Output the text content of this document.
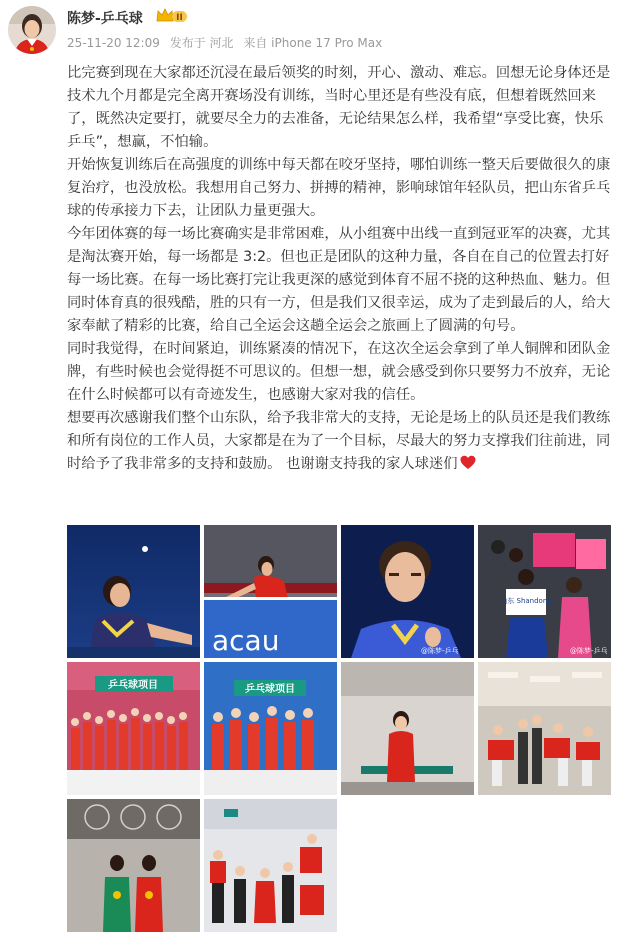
陈梦-乒乓球	II
25-11-20 12:09 发布于 河北 来自 iPhone 17 Pro Max

比完赛到现在大家都还沉浸在最后领奖的时刻，开心、激动、难忘。回想无论身体还是技术九个月都是完全离开赛场没有训练，当时心里还是有些没有底，但想着既然回来了，既然决定要打，就要尽全力的去准备，无论结果怎么样，我希望“享受比赛，快乐乒乓”，想赢，不怕输。

开始恢复训练后在高强度的训练中每天都在咬牙坚持，哪怕训练一整天后要做很久的康复治疗，也没放松。我想用自己努力、拼搏的精神，影响球馆年轻队员，把山东省乒乓球的传承接力下去，让团队力量更强大。

今年团体赛的每一场比赛确实是非常困难，从小组赛中出线一直到冠亚军的决赛，尤其是淘汰赛开始，每一场都是 3:2。但也正是团队的这种力量，各自在自己的位置去打好每一场比赛。在每一场比赛打完让我更深的感觉到体育不屈不挠的这种热血、魅力。但同时体育真的很残酷，胜的只有一方，但是我们又很幸运，成为了走到最后的人，给大家奉献了精彩的比赛，给自己全运会这趟全运会之旅画上了圆满的句号。

同时我觉得，在时间紧迫，训练紧凑的情况下，在这次全运会拿到了单人铜牌和团队金牌，有些时候也会觉得挺不可思议的。但想一想，就会感受到你只要努力不放弃，无论在什么时候都可以有奇迹发生，也感谢大家对我的信任。

想要再次感谢我们整个山东队，给予我非常大的支持，无论是场上的队员还是我们教练和所有岗位的工作人员，大家都是在为了一个目标，尽最大的努力支撑我们往前进，同时给予了我非常多的支持和鼓励。 也谢谢支持我的家人球迷们

acau	@陈梦-乒乓
山东 Shandong
@陈梦-乒乓
乒乓球项目	乒乓球项目
